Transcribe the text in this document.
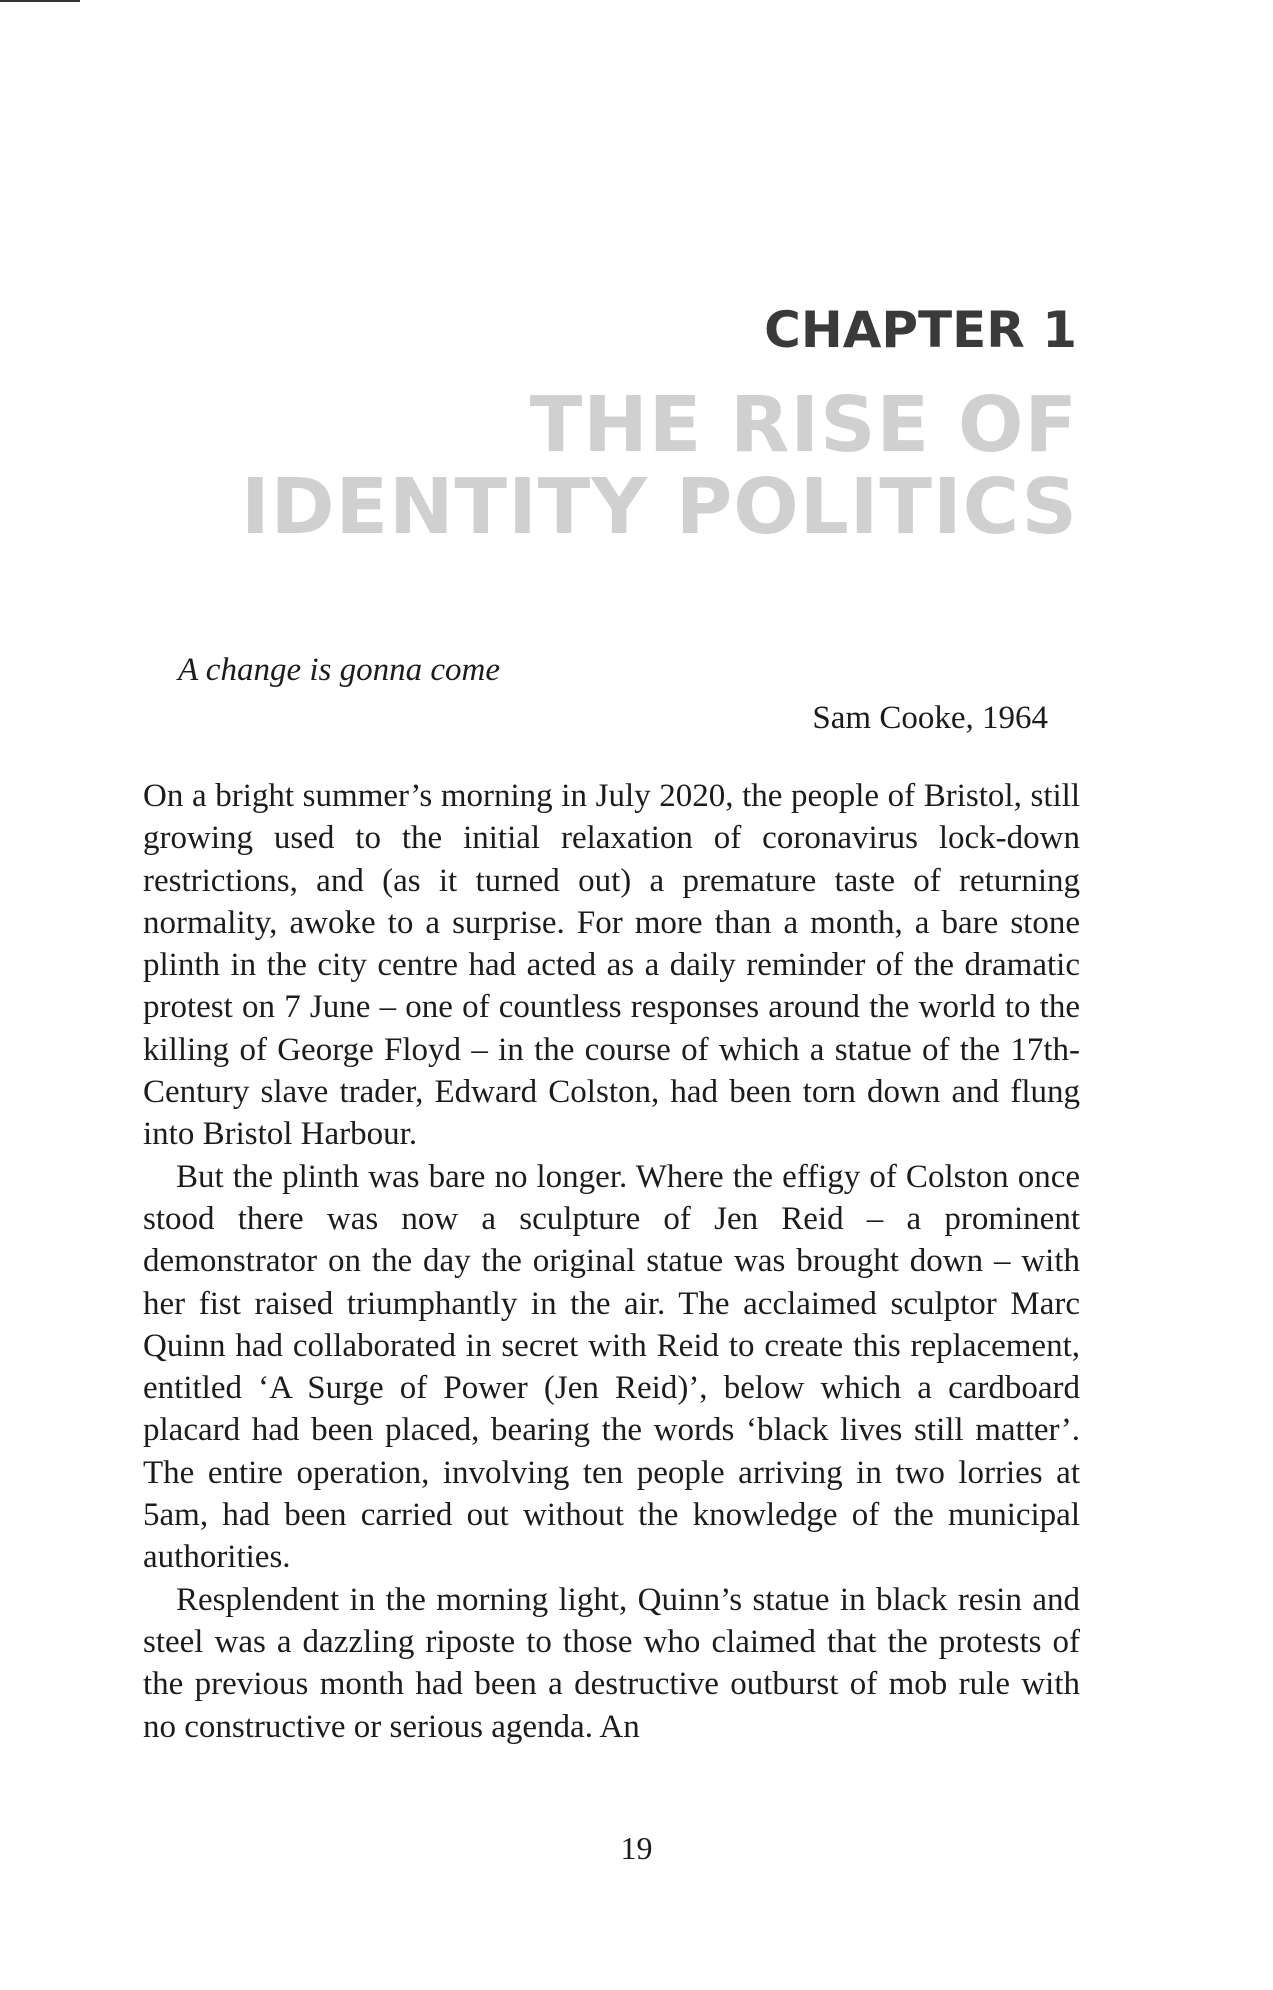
CHAPTER 1
THE RISE OF
IDENTITY POLITICS
A change is gonna come
Sam Cooke, 1964

On a bright summer’s morning in July 2020, the people of Bristol, still growing used to the initial relaxation of coronavirus lock-down restrictions, and (as it turned out) a premature taste of returning normality, awoke to a surprise. For more than a month, a bare stone plinth in the city centre had acted as a daily reminder of the dramatic protest on 7 June – one of countless responses around the world to the killing of George Floyd – in the course of which a statue of the 17th-Century slave trader, Edward Colston, had been torn down and flung into Bristol Harbour.

But the plinth was bare no longer. Where the effigy of Colston once stood there was now a sculpture of Jen Reid – a prominent demonstrator on the day the original statue was brought down – with her fist raised triumphantly in the air. The acclaimed sculptor Marc Quinn had collaborated in secret with Reid to create this replacement, entitled ‘A Surge of Power (Jen Reid)’, below which a cardboard placard had been placed, bearing the words ‘black lives still matter’. The entire operation, involving ten people arriving in two lorries at 5am, had been carried out without the knowledge of the municipal authorities.

Resplendent in the morning light, Quinn’s statue in black resin and steel was a dazzling riposte to those who claimed that the protests of the previous month had been a destructive outburst of mob rule with no constructive or serious agenda. An

19
